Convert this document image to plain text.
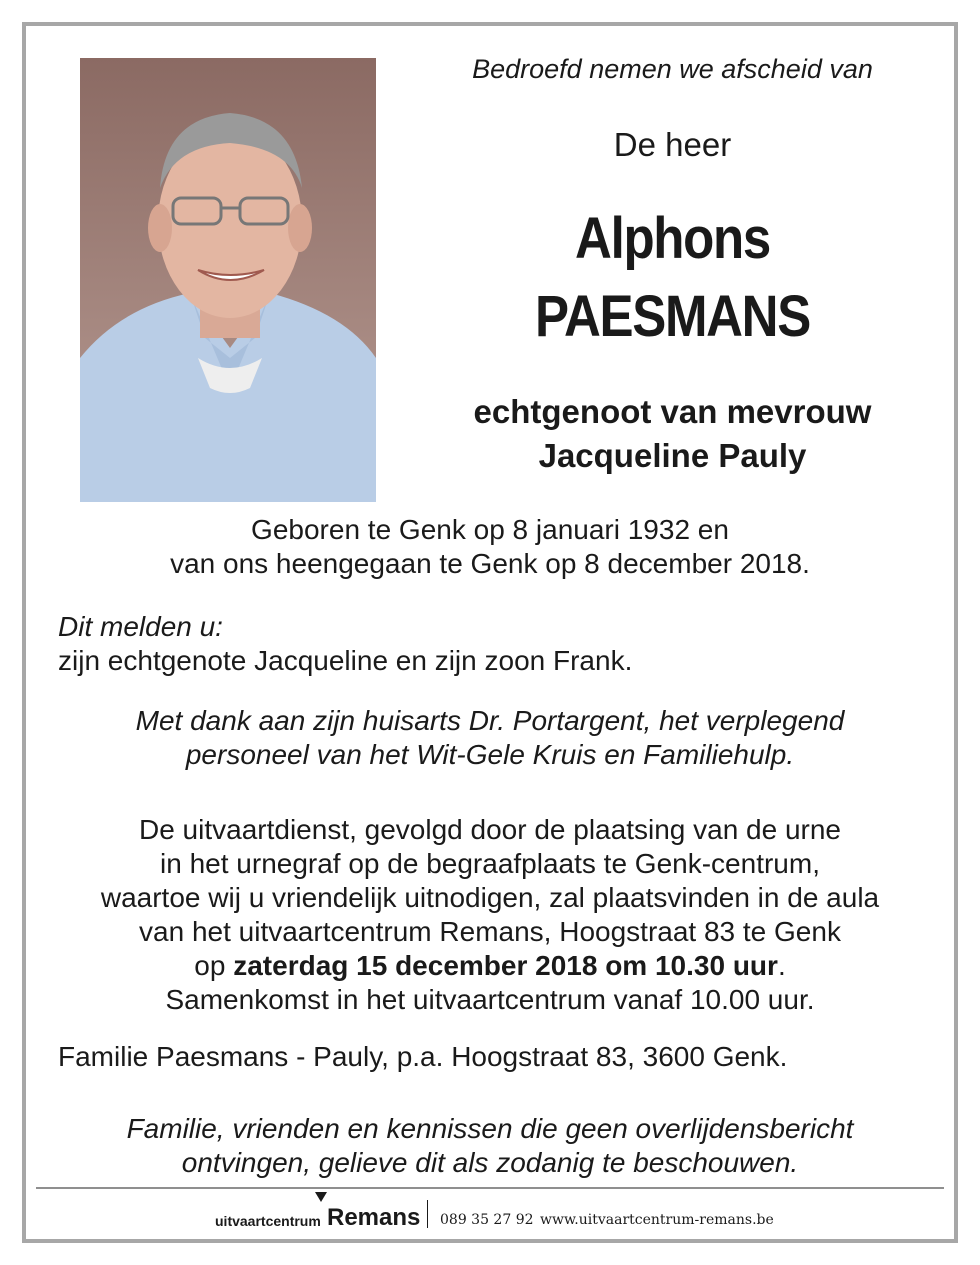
Bedroefd nemen we afscheid van
De heer
Alphons
PAESMANS
echtgenoot van mevrouw
Jacqueline Pauly
Geboren te Genk op 8 januari 1932 en
van ons heengegaan te Genk op 8 december 2018.
Dit melden u:
zijn echtgenote Jacqueline en zijn zoon Frank.
Met dank aan zijn huisarts Dr. Portargent, het verplegend
personeel van het Wit-Gele Kruis en Familiehulp.
De uitvaartdienst, gevolgd door de plaatsing van de urne
in het urnegraf op de begraafplaats te Genk-centrum,
waartoe wij u vriendelijk uitnodigen, zal plaatsvinden in de aula
van het uitvaartcentrum Remans, Hoogstraat 83 te Genk
op zaterdag 15 december 2018 om 10.30 uur.
Samenkomst in het uitvaartcentrum vanaf 10.00 uur.
Familie Paesmans - Pauly, p.a. Hoogstraat 83, 3600 Genk.
Familie, vrienden en kennissen die geen overlijdensbericht
ontvingen, gelieve dit als zodanig te beschouwen.
uitvaartcentrum Remans 089 35 27 92 www.uitvaartcentrum-remans.be
